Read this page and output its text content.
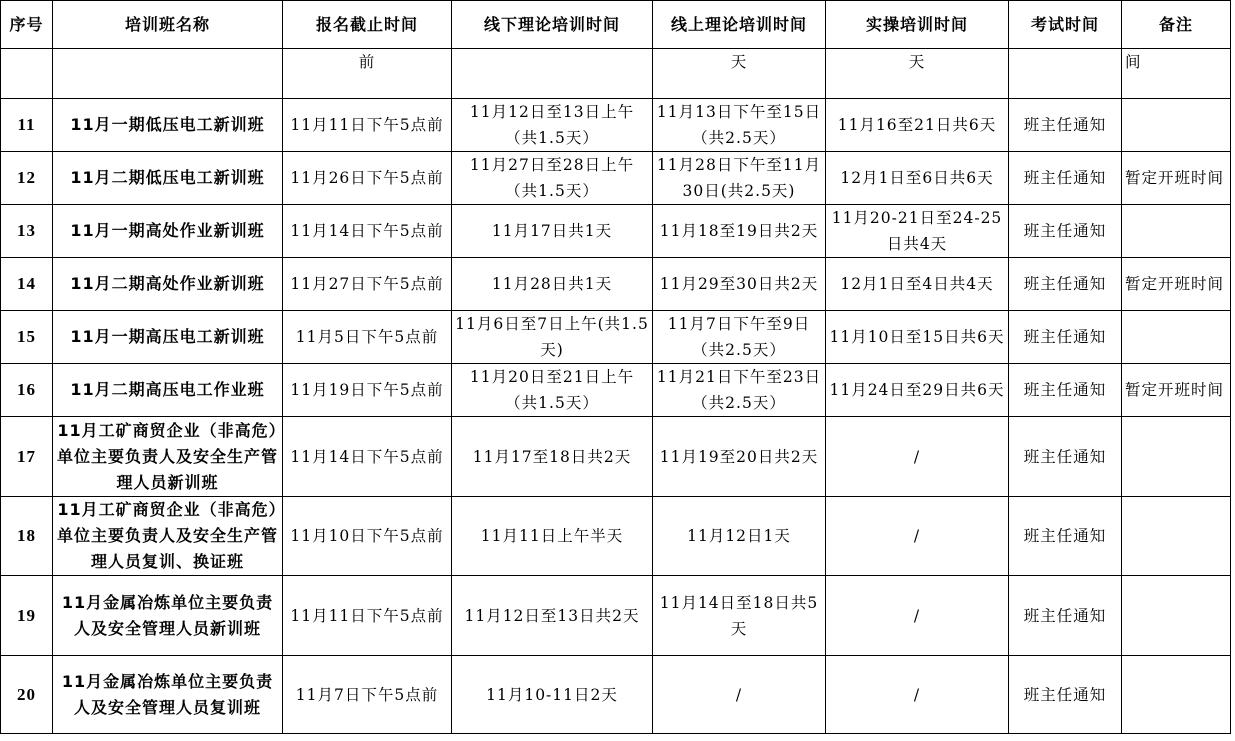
序号	培训班名称	报名截止时间	线下理论培训时间	线上理论培训时间	实操培训时间	考试时间	备注
		前		天	天		间
11	11月一期低压电工新训班	11月11日下午5点前	11月12日至13日上午（共1.5天）	11月13日下午至15日（共2.5天）	11月16至21日共6天	班主任通知	
12	11月二期低压电工新训班	11月26日下午5点前	11月27日至28日上午（共1.5天）	11月28日下午至11月30日(共2.5天)	12月1日至6日共6天	班主任通知	暂定开班时间
13	11月一期高处作业新训班	11月14日下午5点前	11月17日共1天	11月18至19日共2天	11月20-21日至24-25日共4天	班主任通知	
14	11月二期高处作业新训班	11月27日下午5点前	11月28日共1天	11月29至30日共2天	12月1日至4日共4天	班主任通知	暂定开班时间
15	11月一期高压电工新训班	11月5日下午5点前	11月6日至7日上午(共1.5天)	11月7日下午至9日（共2.5天）	11月10日至15日共6天	班主任通知	
16	11月二期高压电工作业班	11月19日下午5点前	11月20日至21日上午（共1.5天）	11月21日下午至23日（共2.5天）	11月24日至29日共6天	班主任通知	暂定开班时间
17	11月工矿商贸企业（非高危）单位主要负责人及安全生产管理人员新训班	11月14日下午5点前	11月17至18日共2天	11月19至20日共2天	/	班主任通知	
18	11月工矿商贸企业（非高危）单位主要负责人及安全生产管理人员复训、换证班	11月10日下午5点前	11月11日上午半天	11月12日1天	/	班主任通知	
19	11月金属冶炼单位主要负责人及安全管理人员新训班	11月11日下午5点前	11月12日至13日共2天	11月14日至18日共5天	/	班主任通知	
20	11月金属冶炼单位主要负责人及安全管理人员复训班	11月7日下午5点前	11月10-11日2天	/	/	班主任通知	
